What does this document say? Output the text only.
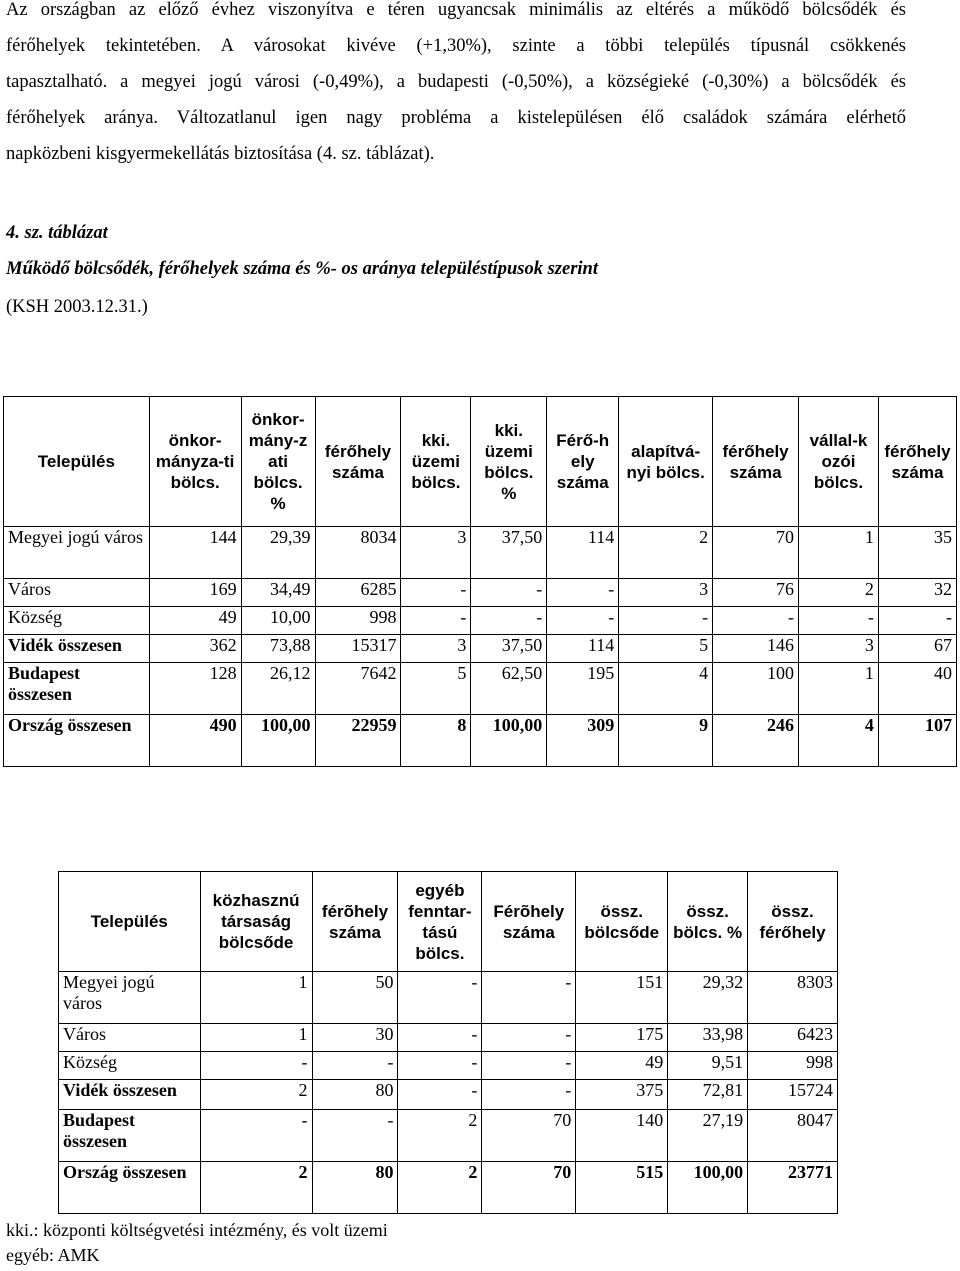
Az országban az előző évhez viszonyítva e téren ugyancsak minimális az eltérés a működő bölcsődék és
férőhelyek tekintetében. A városokat kivéve (+1,30%), szinte a többi település típusnál csökkenés
tapasztalható. a megyei jogú városi (-0,49%), a budapesti (-0,50%), a községieké (-0,30%) a bölcsődék és
férőhelyek aránya. Változatlanul igen nagy probléma a kistelepülésen élő családok számára elérhető
napközbeni kisgyermekellátás biztosítása (4. sz. táblázat).
4. sz. táblázat
Működő bölcsődék, férőhelyek száma és %- os aránya településtípusok szerint
(KSH 2003.12.31.)
Település	önkor-mányza-ti bölcs.	önkor-mány-z ati bölcs. %	férőhely száma	kki. üzemi bölcs.	kki. üzemi bölcs. %	Férő-h ely száma	alapítvá-nyi bölcs.	férőhely száma	vállal-k ozói bölcs.	férőhely száma
Megyei jogú város	144	29,39	8034	3	37,50	114	2	70	1	35
Város	169	34,49	6285	-	-	-	3	76	2	32
Község	49	10,00	998	-	-	-	-	-	-	-
Vidék összesen	362	73,88	15317	3	37,50	114	5	146	3	67
Budapest összesen	128	26,12	7642	5	62,50	195	4	100	1	40
Ország összesen	490	100,00	22959	8	100,00	309	9	246	4	107
Település	közhasznú társaság bölcsőde	férõhely száma	egyéb fenntar-tású bölcs.	Férõhely száma	össz. bölcsőde	össz. bölcs. %	össz. férőhely
Megyei jogú város	1	50	-	-	151	29,32	8303
Város	1	30	-	-	175	33,98	6423
Község	-	-	-	-	49	9,51	998
Vidék összesen	2	80	-	-	375	72,81	15724
Budapest összesen	-	-	2	70	140	27,19	8047
Ország összesen	2	80	2	70	515	100,00	23771
kki.: központi költségvetési intézmény, és volt üzemi
egyéb: AMK
